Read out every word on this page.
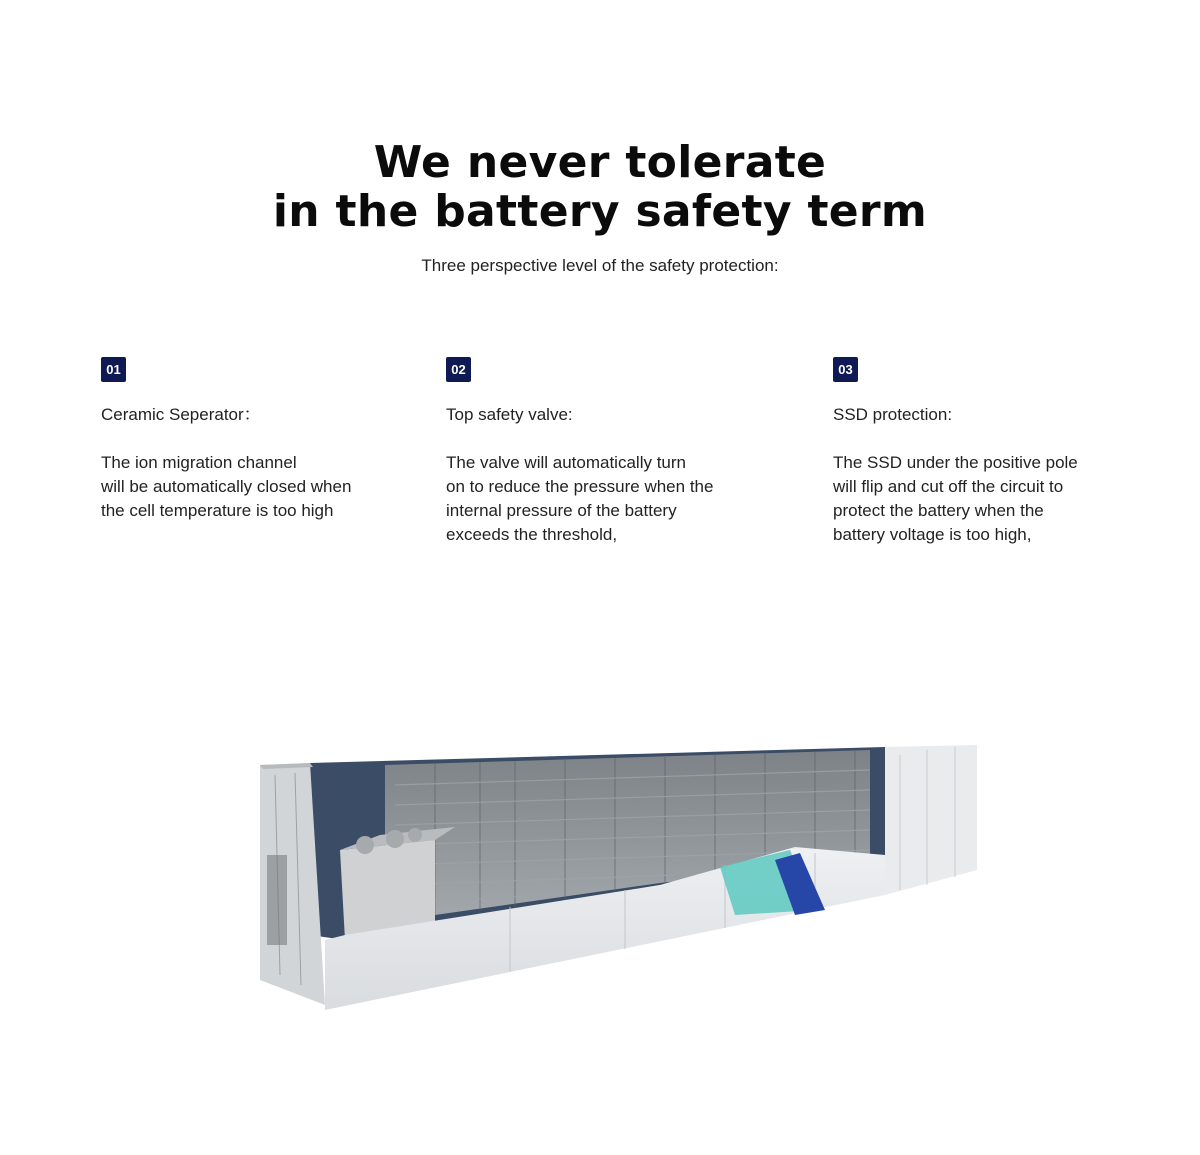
We never tolerate
in the battery safety term
Three perspective level of the safety protection:
01
Ceramic Seperator：
The ion migration channel
will be automatically closed when
the cell temperature is too high
02
Top safety valve:
The valve will automatically turn
on to reduce the pressure when the
internal pressure of the battery
exceeds the threshold,
03
SSD protection:
The SSD under the positive pole
will flip and cut off the circuit to
protect the battery when the
battery voltage is too high,
